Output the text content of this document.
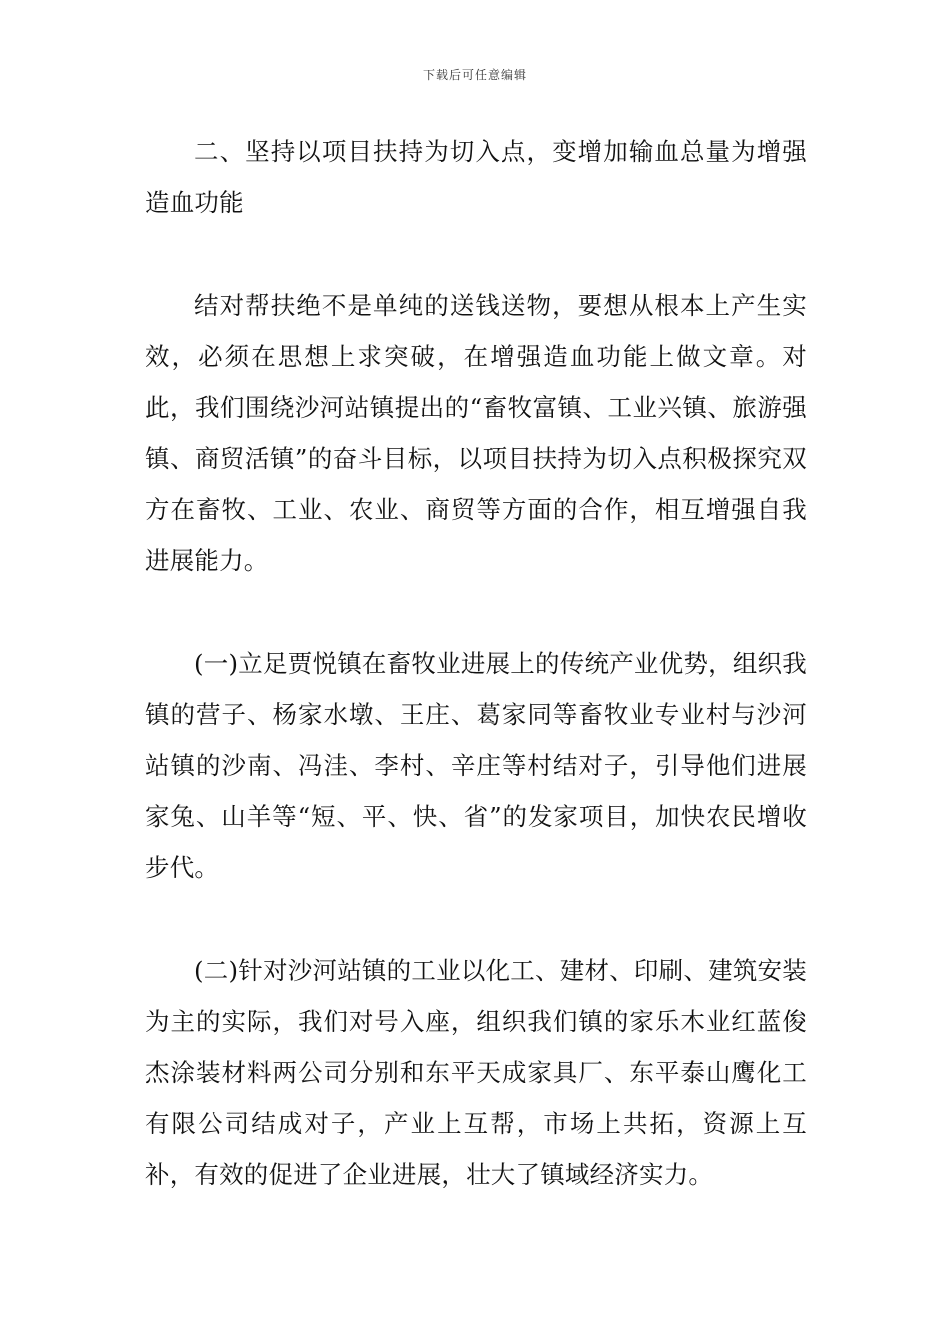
下载后可任意编辑

二、坚持以项目扶持为切入点，变增加输血总量为增强造血功能

结对帮扶绝不是单纯的送钱送物，要想从根本上产生实效，必须在思想上求突破，在增强造血功能上做文章。对此，我们围绕沙河站镇提出的“畜牧富镇、工业兴镇、旅游强镇、商贸活镇”的奋斗目标，以项目扶持为切入点积极探究双方在畜牧、工业、农业、商贸等方面的合作，相互增强自我进展能力。

(一)立足贾悦镇在畜牧业进展上的传统产业优势，组织我镇的营子、杨家水墩、王庄、葛家同等畜牧业专业村与沙河站镇的沙南、冯洼、李村、辛庄等村结对子，引导他们进展家兔、山羊等“短、平、快、省”的发家项目，加快农民增收步代。

(二)针对沙河站镇的工业以化工、建材、印刷、建筑安装为主的实际，我们对号入座，组织我们镇的家乐木业红蓝俊杰涂装材料两公司分别和东平天成家具厂、东平泰山鹰化工有限公司结成对子，产业上互帮，市场上共拓，资源上互补，有效的促进了企业进展，壮大了镇域经济实力。
